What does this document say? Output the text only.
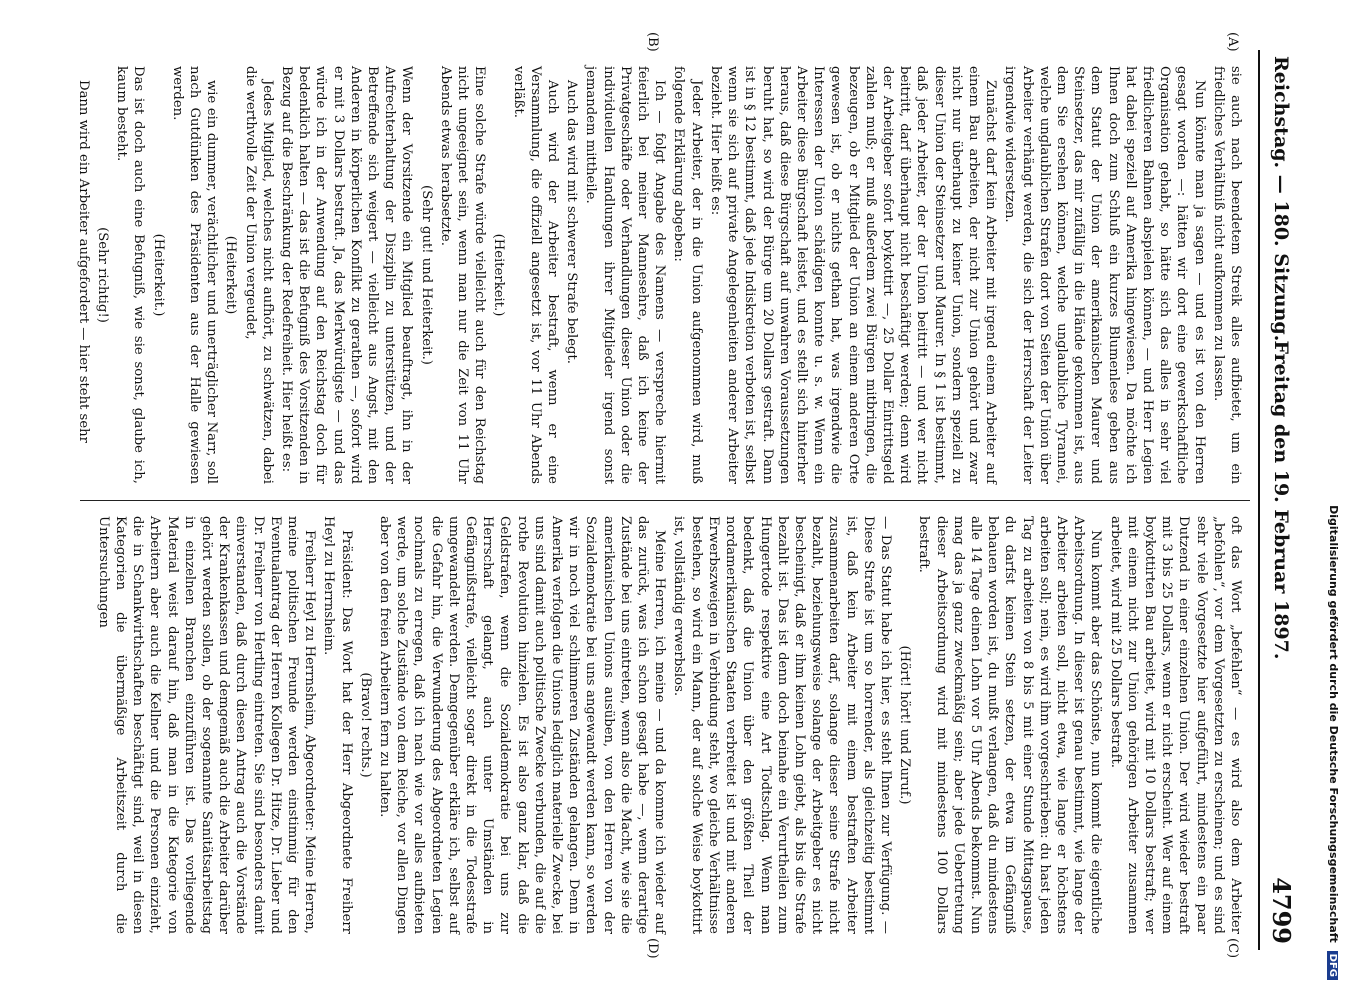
Reichstag. — 180. Sitzung.
Freitag den 19. Februar 1897.
4799
(A)
(B)
(C)
(D)

sie auch nach beendetem Streik alles aufbietet, um ein friedliches Verhältniß nicht aufkommen zu lassen.

Nun könnte man ja sagen — und es ist von den Herren gesagt worden —: hätten wir dort eine gewerkschaftliche Organisation gehabt, so hätte sich das alles in sehr viel friedlicheren Bahnen abspielen können, — und Herr Legien hat dabei speziell auf Amerika hingewiesen. Da möchte ich Ihnen doch zum Schluß ein kurzes Blumenlese geben aus dem Statut der Union der amerikanischen Maurer und Steinsetzer, das mir zufällig in die Hände gekommen ist, aus dem Sie ersehen können, welche unglaubliche Tyrannei, welche unglaublichen Strafen dort von Seiten der Union über Arbeiter verhängt werden, die sich der Herrschaft der Leiter irgendwie widersetzen.

Zunächst darf kein Arbeiter mit irgend einem Arbeiter auf einem Bau arbeiten, der nicht zur Union gehört und zwar nicht nur überhaupt zu keiner Union, sondern speziell zu dieser Union der Steinsetzer und Maurer. In § 1 ist bestimmt, daß jeder Arbeiter, der der Union beitritt — und wer nicht beitritt, darf überhaupt nicht beschäftigt werden; denn wird der Arbeitgeber sofort boykottirt —, 25 Dollar Eintrittsgeld zahlen muß; er muß außerdem zwei Bürgen mitbringen, die bezeugen, ob er Mitglied der Union an einem anderen Orte gewesen ist, ob er nichts gethan hat, was irgendwie die Interessen der Union schädigen konnte u. s. w. Wenn ein Arbeiter diese Bürgschaft leistet, und es stellt sich hinterher heraus, daß diese Bürgschaft auf unwahren Voraussetzungen beruht hat, so wird der Bürge um 20 Dollars gestraft. Dann ist in § 12 bestimmt, daß jede Indiskretion verboten ist, selbst wenn sie sich auf private Angelegenheiten anderer Arbeiter bezieht. Hier heißt es:

Jeder Arbeiter, der in die Union aufgenommen wird, muß folgende Erklärung abgeben:

Ich — folgt Angabe des Namens — verspreche hiermit feierlich bei meiner Mannesehre, daß ich keine der Privatgeschäfte oder Verhandlungen dieser Union oder die individuellen Handlungen ihrer Mitglieder irgend sonst jemandem mittheile.

Auch das wird mit schwerer Strafe belegt.

Auch wird der Arbeiter bestraft, wenn er eine Versammlung, die offiziell angesetzt ist, vor 11 Uhr Abends verläßt.

(Heiterkeit.)

Eine solche Strafe würde vielleicht auch für den Reichstag nicht ungeeignet sein, wenn man nur die Zeit von 11 Uhr Abends etwas herabsetzte.

(Sehr gut! und Heiterkeit.)

Wenn der Vorsitzende ein Mitglied beauftragt, ihn in der Aufrechterhaltung der Disziplin zu unterstützen, und der Betreffende sich weigert — vielleicht aus Angst, mit den Anderen in körperlichen Konflikt zu gerathen —, sofort wird er mit 3 Dollars bestraft. Ja, das Merkwürdigste — und das würde ich in der Anwendung auf den Reichstag doch für bedenklich halten — das ist die Befugniß des Vorsitzenden in Bezug auf die Beschränkung der Redefreiheit. Hier heißt es:

Jedes Mitglied, welches nicht aufhört, zu schwätzen, dabei die werthvolle Zeit der Union vergeudet,

(Heiterkeit)

wie ein dummer, verächtlicher und unerträglicher Narr, soll nach Gutdünken des Präsidenten aus der Halle gewiesen werden.

(Heiterkeit.)

Das ist doch auch eine Befugniß, wie sie sonst, glaube ich, kaum besteht.

(Sehr richtig!)

Dann wird ein Arbeiter aufgefordert — hier steht sehr

oft das Wort „befehlen“ — es wird also dem Arbeiter „befohlen“, vor dem Vorgesetzten zu erscheinen; und es sind sehr viele Vorgesetzte hier aufgeführt, mindestens ein paar Dutzend in einer einzelnen Union. Der wird wieder bestraft mit 3 bis 25 Dollars, wenn er nicht erscheint. Wer auf einem boykottirten Bau arbeitet, wird mit 10 Dollars bestraft; wer mit einem nicht zur Union gehörigen Arbeiter zusammen arbeitet, wird mit 25 Dollars bestraft.

Nun kommt aber das Schönste, nun kommt die eigentliche Arbeitsordnung. In dieser ist genau bestimmt, wie lange der Arbeiter arbeiten soll, nicht etwa, wie lange er höchstens arbeiten soll; nein, es wird ihm vorgeschrieben: du hast jeden Tag zu arbeiten von 8 bis 5 mit einer Stunde Mittagspause, du darfst keinen Stein setzen, der etwa im Gefängniß behauen worden ist, du mußt verlangen, daß du mindestens alle 14 Tage deinen Lohn vor 5 Uhr Abends bekommst. Nun mag das ja ganz zweckmäßig sein; aber jede Uebertretung dieser Arbeitsordnung wird mit mindestens 100 Dollars bestraft.

(Hört! hört! und Zuruf.)

— Das Statut habe ich hier, es steht Ihnen zur Verfügung. — Diese Strafe ist um so horrender, als gleichzeitig bestimmt ist, daß kein Arbeiter mit einem bestraften Arbeiter zusammenarbeiten darf, solange dieser seine Strafe nicht bezahlt, beziehungsweise solange der Arbeitgeber es nicht bescheinigt, daß er ihm keinen Lohn giebt, als bis die Strafe bezahlt ist. Das ist denn doch beinahe ein Verurtheilen zum Hungertode respektive eine Art Todtschlag. Wenn man bedenkt, daß die Union über den größten Theil der nordamerikanischen Staaten verbreitet ist und mit anderen Erwerbszweigen in Verbindung steht, wo gleiche Verhältnisse bestehen, so wird ein Mann, der auf solche Weise boykottirt ist, vollständig erwerbslos.

Meine Herren, ich meine — und da komme ich wieder auf das zurück, was ich schon gesagt habe —, wenn derartige Zustände bei uns eintreten, wenn also die Macht, wie sie die amerikanischen Unions ausüben, von den Herren von der Sozialdemokratie bei uns angewandt werden kann, so werden wir in noch viel schlimmeren Zuständen gelangen. Denn in Amerika verfolgen die Unions lediglich materielle Zwecke, bei uns sind damit auch politische Zwecke verbunden, die auf die rothe Revolution hinzielen. Es ist also ganz klar, daß die Geldstrafen, wenn die Sozialdemokratie bei uns zur Herrschaft gelangt, auch unter Umständen in Gefängnißstrafe, vielleicht sogar direkt in die Todesstrafe umgewandelt werden. Demgegenüber erkläre ich, selbst auf die Gefahr hin, die Verwunderung des Abgeordneten Legien nochmals zu erregen, daß ich nach wie vor alles aufbieten werde, um solche Zustände von dem Reiche, vor allen Dingen aber von den freien Arbeitern fern zu halten.

(Bravo! rechts.)

Präsident: Das Wort hat der Herr Abgeordnete Freiherr Heyl zu Herrnsheim.

Freiherr Heyl zu Herrnsheim, Abgeordneter: Meine Herren, meine politischen Freunde werden einstimmig für den Eventualantrag der Herren Kollegen Dr. Hitze, Dr. Lieber und Dr. Freiherr von Hertling eintreten. Sie sind besonders damit einverstanden, daß durch diesen Antrag auch die Vorstände der Krankenkassen und demgemäß auch die Arbeiter darüber gehört werden sollen, ob der sogenannte Sanitätsarbeitstag in einzelnen Branchen einzuführen ist. Das vorliegende Material weist darauf hin, daß man in die Kategorie von Arbeitern aber auch die Kellner und die Personen einzieht, die in Schankwirthschaften beschäftigt sind, weil in diesen Kategorien die übermäßige Arbeitszeit durch die Untersuchungen	Digitalisierung gefördert durch die Deutsche Forschungsgemeinschaft DFG
